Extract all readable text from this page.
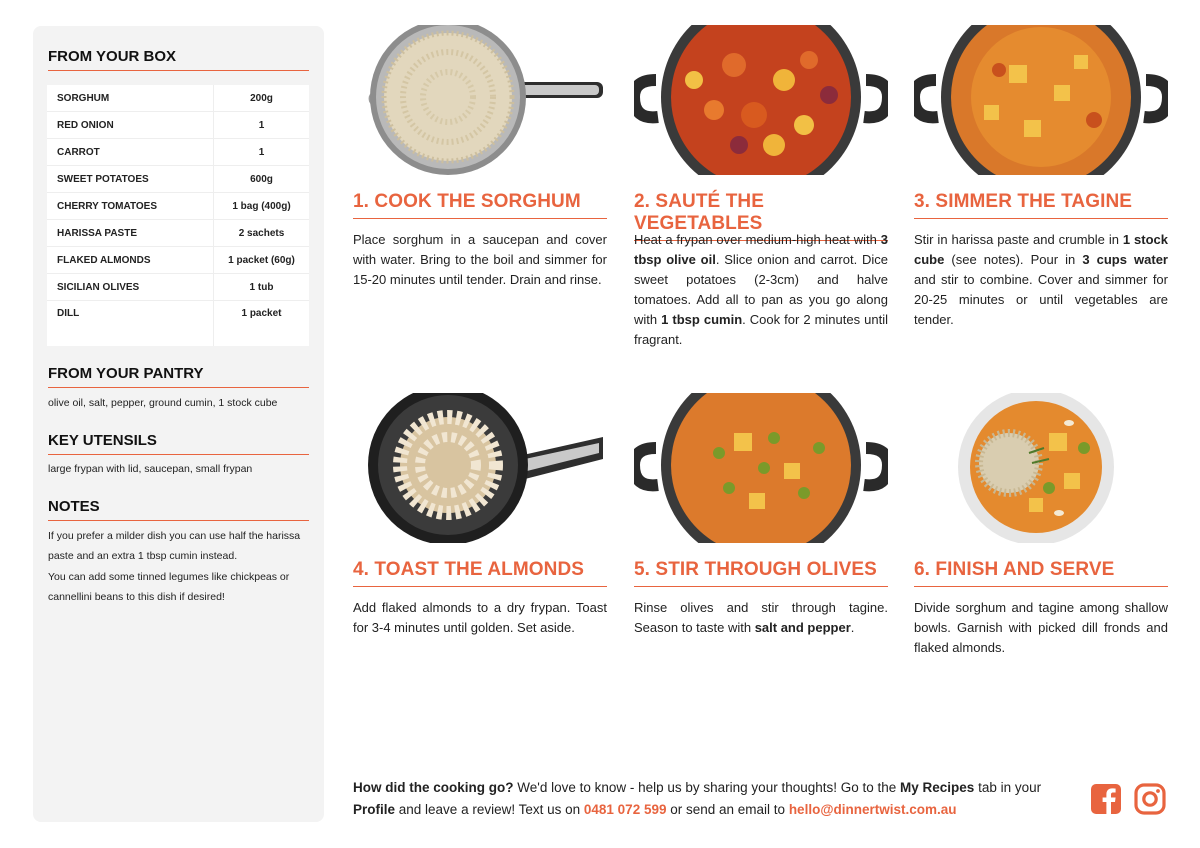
FROM YOUR BOX
SORGHUM	200g
RED ONION	1
CARROT	1
SWEET POTATOES	600g
CHERRY TOMATOES	1 bag (400g)
HARISSA PASTE	2 sachets
FLAKED ALMONDS	1 packet (60g)
SICILIAN OLIVES	1 tub
DILL	1 packet
FROM YOUR PANTRY
olive oil, salt, pepper, ground cumin, 1 stock cube
KEY UTENSILS
large frypan with lid, saucepan, small frypan
NOTES

If you prefer a milder dish you can use half the harissa paste and an extra 1 tbsp cumin instead.

You can add some tinned legumes like chickpeas or cannellini beans to this dish if desired!

1. COOK THE SORGHUM
Place sorghum in a saucepan and cover with water. Bring to the boil and simmer for 15-20 minutes until tender. Drain and rinse.
2. SAUTÉ THE VEGETABLES
Heat a frypan over medium-high heat with 3 tbsp olive oil. Slice onion and carrot. Dice sweet potatoes (2-3cm) and halve tomatoes. Add all to pan as you go along with 1 tbsp cumin. Cook for 2 minutes until fragrant.
3. SIMMER THE TAGINE
Stir in harissa paste and crumble in 1 stock cube (see notes). Pour in 3 cups water and stir to combine. Cover and simmer for 20-25 minutes or until vegetables are tender.
4. TOAST THE ALMONDS
Add flaked almonds to a dry frypan. Toast for 3-4 minutes until golden. Set aside.
5. STIR THROUGH OLIVES
Rinse olives and stir through tagine. Season to taste with salt and pepper.
6. FINISH AND SERVE
Divide sorghum and tagine among shallow bowls. Garnish with picked dill fronds and flaked almonds.
How did the cooking go? We'd love to know - help us by sharing your thoughts! Go to the My Recipes tab in your Profile and leave a review! Text us on 0481 072 599 or send an email to hello@dinnertwist.com.au
